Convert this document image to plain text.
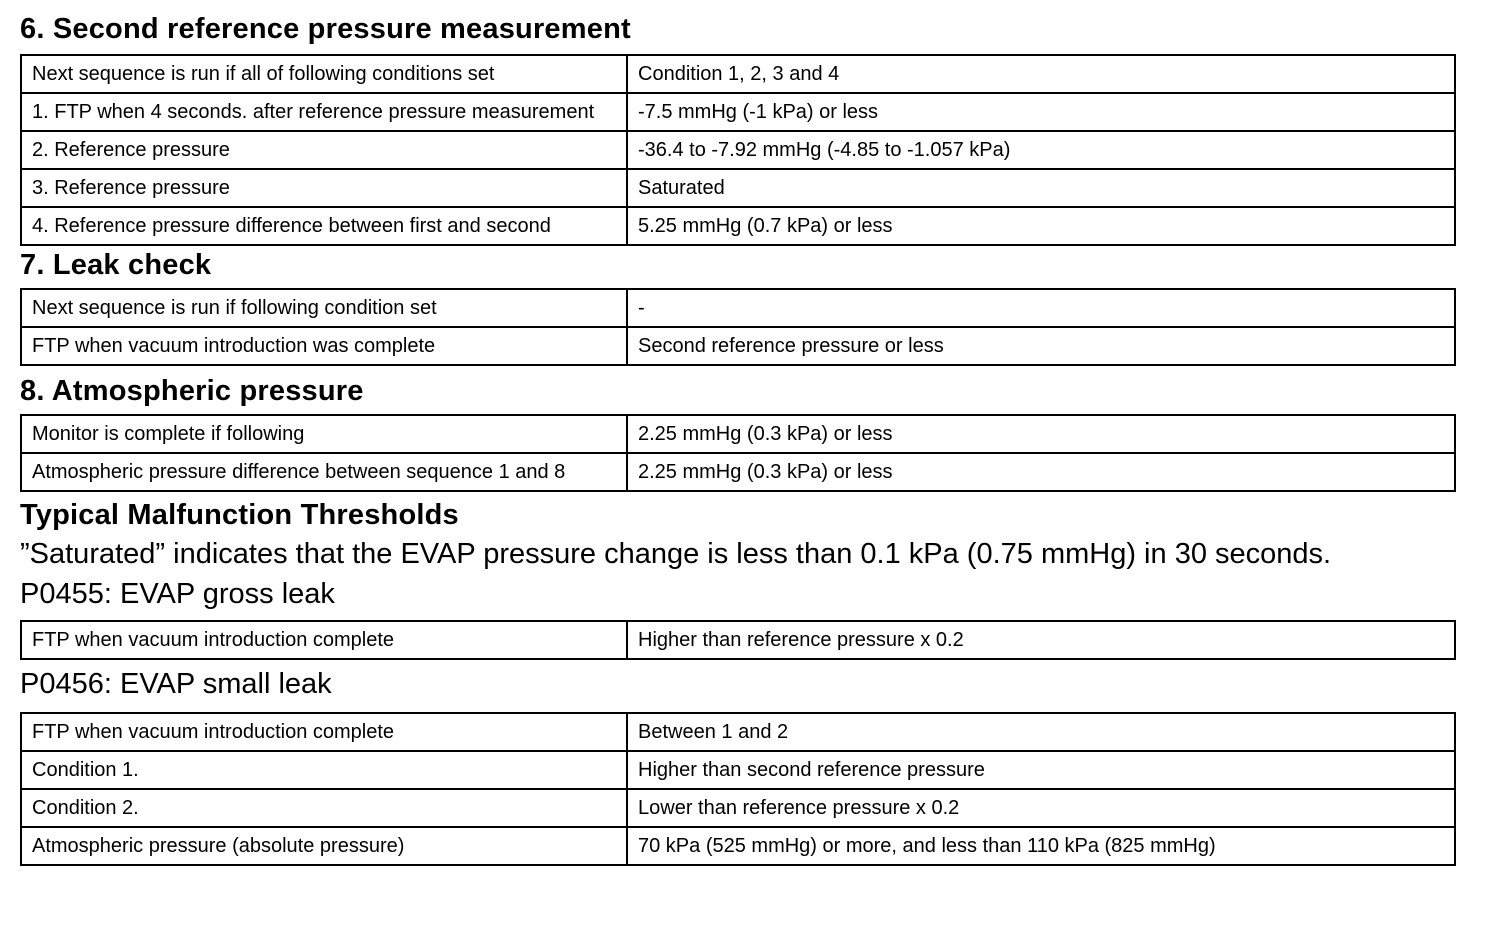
6. Second reference pressure measurement
Next sequence is run if all of following conditions set	Condition 1, 2, 3 and 4
1. FTP when 4 seconds. after reference pressure measurement	-7.5 mmHg (-1 kPa) or less
2. Reference pressure	-36.4 to -7.92 mmHg (-4.85 to -1.057 kPa)
3. Reference pressure	Saturated
4. Reference pressure difference between first and second	5.25 mmHg (0.7 kPa) or less
7. Leak check
Next sequence is run if following condition set	-
FTP when vacuum introduction was complete	Second reference pressure or less
8. Atmospheric pressure
Monitor is complete if following	2.25 mmHg (0.3 kPa) or less
Atmospheric pressure difference between sequence 1 and 8	2.25 mmHg (0.3 kPa) or less
Typical Malfunction Thresholds

”Saturated” indicates that the EVAP pressure change is less than 0.1 kPa (0.75 mmHg) in 30 seconds.

P0455: EVAP gross leak

FTP when vacuum introduction complete	Higher than reference pressure x 0.2

P0456: EVAP small leak

FTP when vacuum introduction complete	Between 1 and 2
Condition 1.	Higher than second reference pressure
Condition 2.	Lower than reference pressure x 0.2
Atmospheric pressure (absolute pressure)	70 kPa (525 mmHg) or more, and less than 110 kPa (825 mmHg)
